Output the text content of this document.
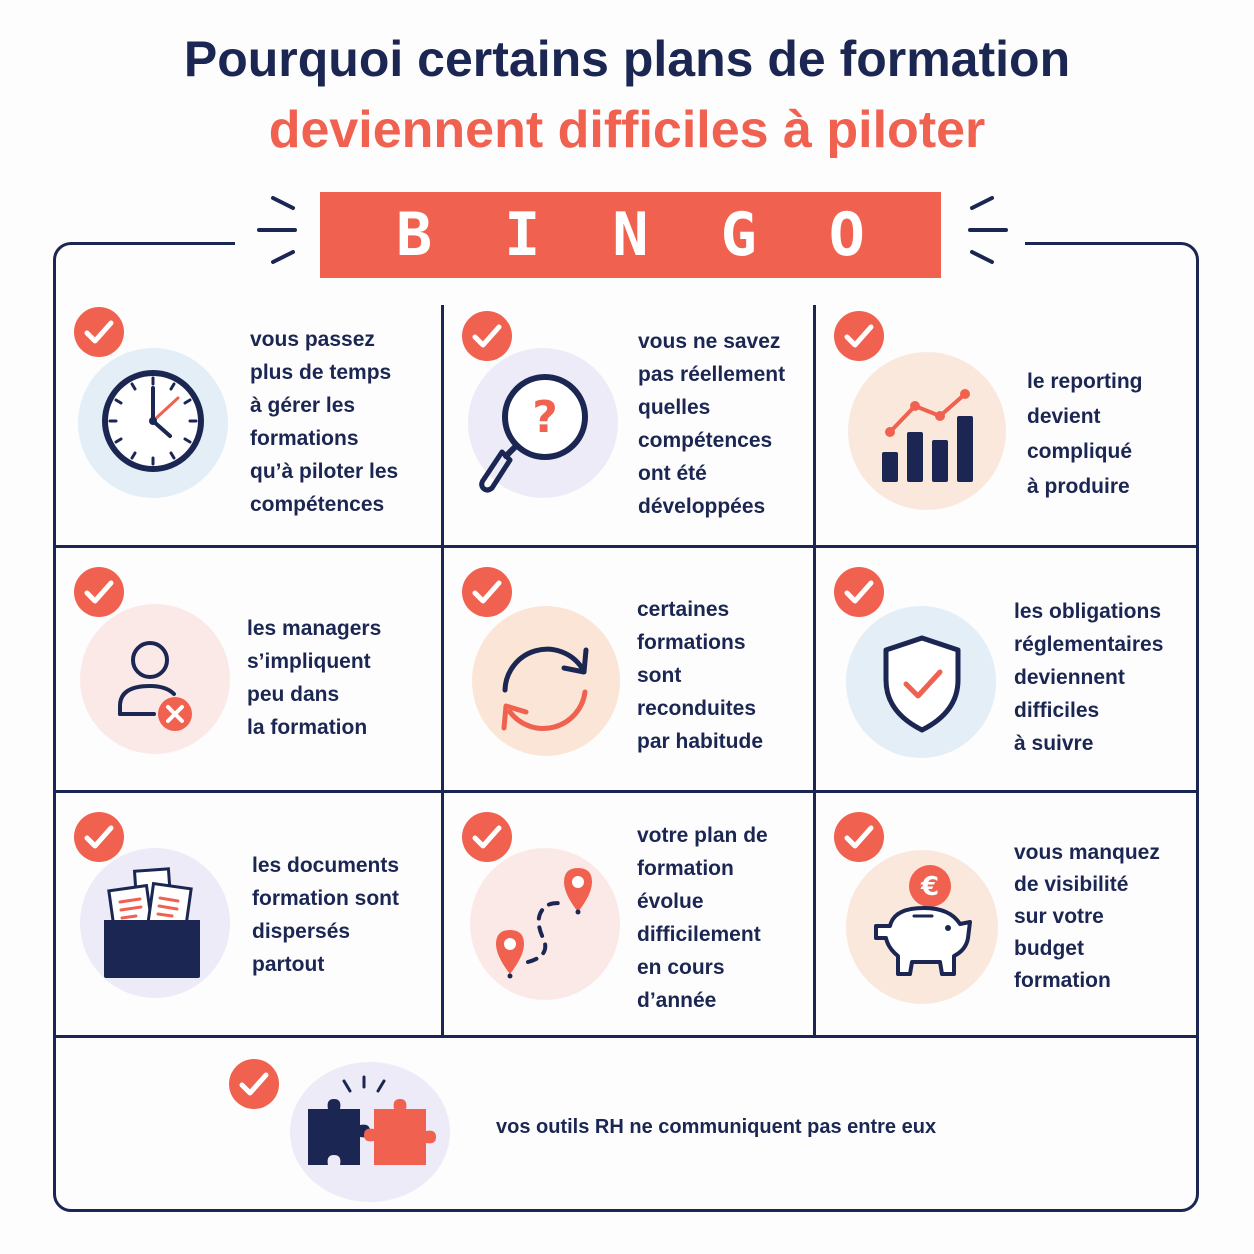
Pourquoi certains plans de formation
deviennent difficiles à piloter
B I N G O
vous passez
plus de temps
à gérer les
formations
qu’à piloter les
compétences
?
vous ne savez
pas réellement
quelles
compétences
ont été
développées
le reporting
devient
compliqué
à produire
les managers
s’impliquent
peu dans
la formation
certaines
formations
sont
reconduites
par habitude
les obligations
réglementaires
deviennent
difficiles
à suivre
les documents
formation sont
dispersés
partout
votre plan de
formation
évolue
difficilement
en cours
d’année
€
vous manquez
de visibilité
sur votre
budget
formation
vos outils RH ne communiquent pas entre eux
